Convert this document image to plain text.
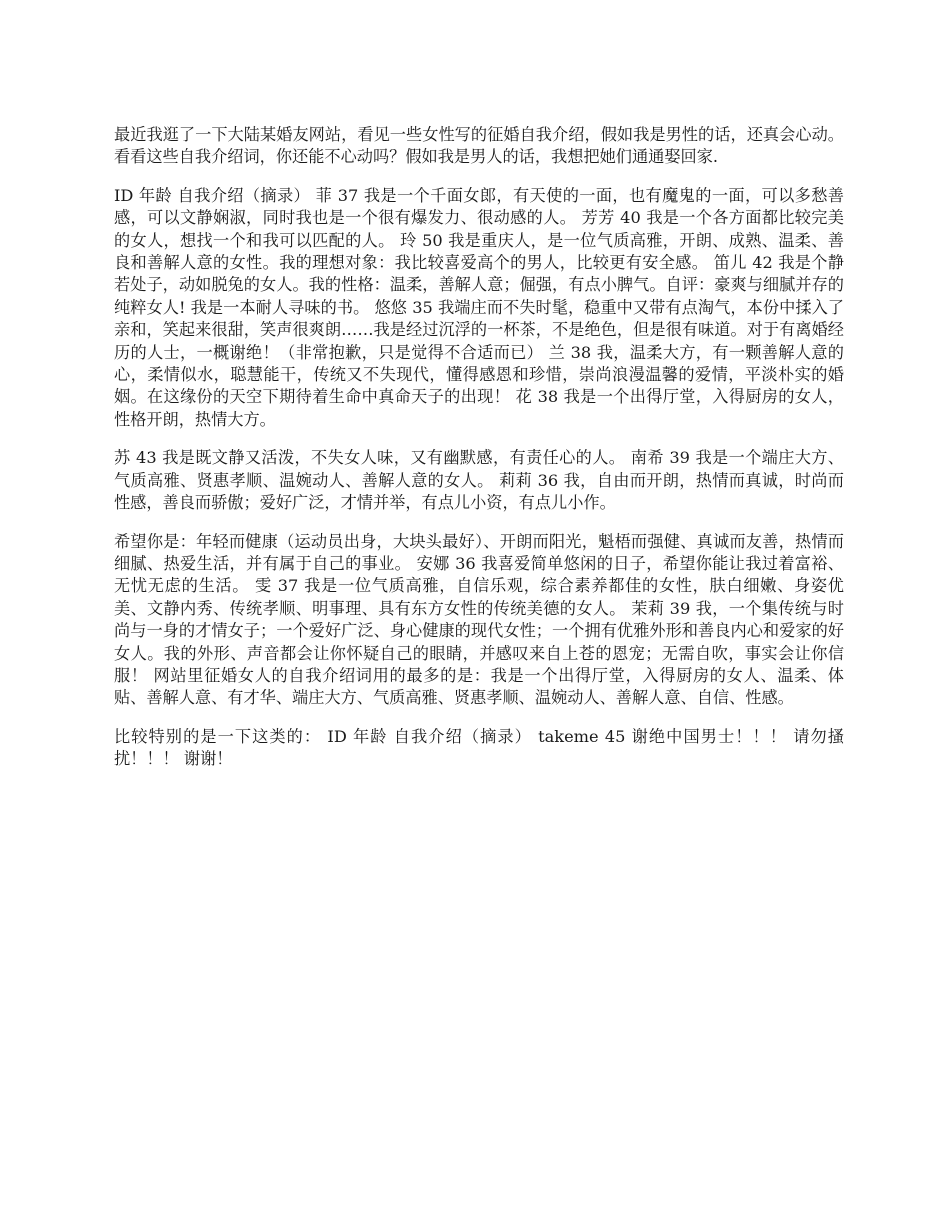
最近我逛了一下大陆某婚友网站，看见一些女性写的征婚自我介绍，假如我是男性的话，还真会心动。看看这些自我介绍词，你还能不心动吗？假如我是男人的话，我想把她们通通娶回家.

ID 年龄 自我介绍（摘录） 菲 37 我是一个千面女郎，有天使的一面，也有魔鬼的一面，可以多愁善感，可以文静娴淑，同时我也是一个很有爆发力、很动感的人。 芳芳 40 我是一个各方面都比较完美的女人，想找一个和我可以匹配的人。 玲 50 我是重庆人，是一位气质高雅，开朗、成熟、温柔、善良和善解人意的女性。我的理想对象：我比较喜爱高个的男人，比较更有安全感。 笛儿 42 我是个静若处子，动如脱兔的女人。我的性格：温柔，善解人意；倔强，有点小脾气。自评：豪爽与细腻并存的纯粹女人! 我是一本耐人寻味的书。 悠悠 35 我端庄而不失时髦，稳重中又带有点淘气，本份中揉入了亲和，笑起来很甜，笑声很爽朗……我是经过沉浮的一杯茶，不是绝色，但是很有味道。对于有离婚经历的人士，一概谢绝！（非常抱歉，只是觉得不合适而已） 兰 38 我，温柔大方，有一颗善解人意的心，柔情似水，聪慧能干，传统又不失现代，懂得感恩和珍惜，崇尚浪漫温馨的爱情，平淡朴实的婚姻。在这缘份的天空下期待着生命中真命天子的出现！ 花 38 我是一个出得厅堂，入得厨房的女人，性格开朗，热情大方。

苏 43 我是既文静又活泼，不失女人味，又有幽默感，有责任心的人。 南希 39 我是一个端庄大方、气质高雅、贤惠孝顺、温婉动人、善解人意的女人。 莉莉 36 我，自由而开朗，热情而真诚，时尚而性感，善良而骄傲；爱好广泛，才情并举，有点儿小资，有点儿小作。

希望你是：年轻而健康（运动员出身，大块头最好）、开朗而阳光，魁梧而强健、真诚而友善，热情而细腻、热爱生活，并有属于自己的事业。 安娜 36 我喜爱简单悠闲的日子，希望你能让我过着富裕、无忧无虑的生活。 雯 37 我是一位气质高雅，自信乐观，综合素养都佳的女性，肤白细嫩、身姿优美、文静内秀、传统孝顺、明事理、具有东方女性的传统美德的女人。 茉莉 39 我，一个集传统与时尚与一身的才情女子；一个爱好广泛、身心健康的现代女性；一个拥有优雅外形和善良内心和爱家的好女人。我的外形、声音都会让你怀疑自己的眼睛，并感叹来自上苍的恩宠；无需自吹，事实会让你信服！ 网站里征婚女人的自我介绍词用的最多的是：我是一个出得厅堂，入得厨房的女人、温柔、体贴、善解人意、有才华、端庄大方、气质高雅、贤惠孝顺、温婉动人、善解人意、自信、性感。

比较特别的是一下这类的： ID 年龄 自我介绍（摘录） takeme 45 谢绝中国男士！！！ 请勿搔扰！！！ 谢谢！
